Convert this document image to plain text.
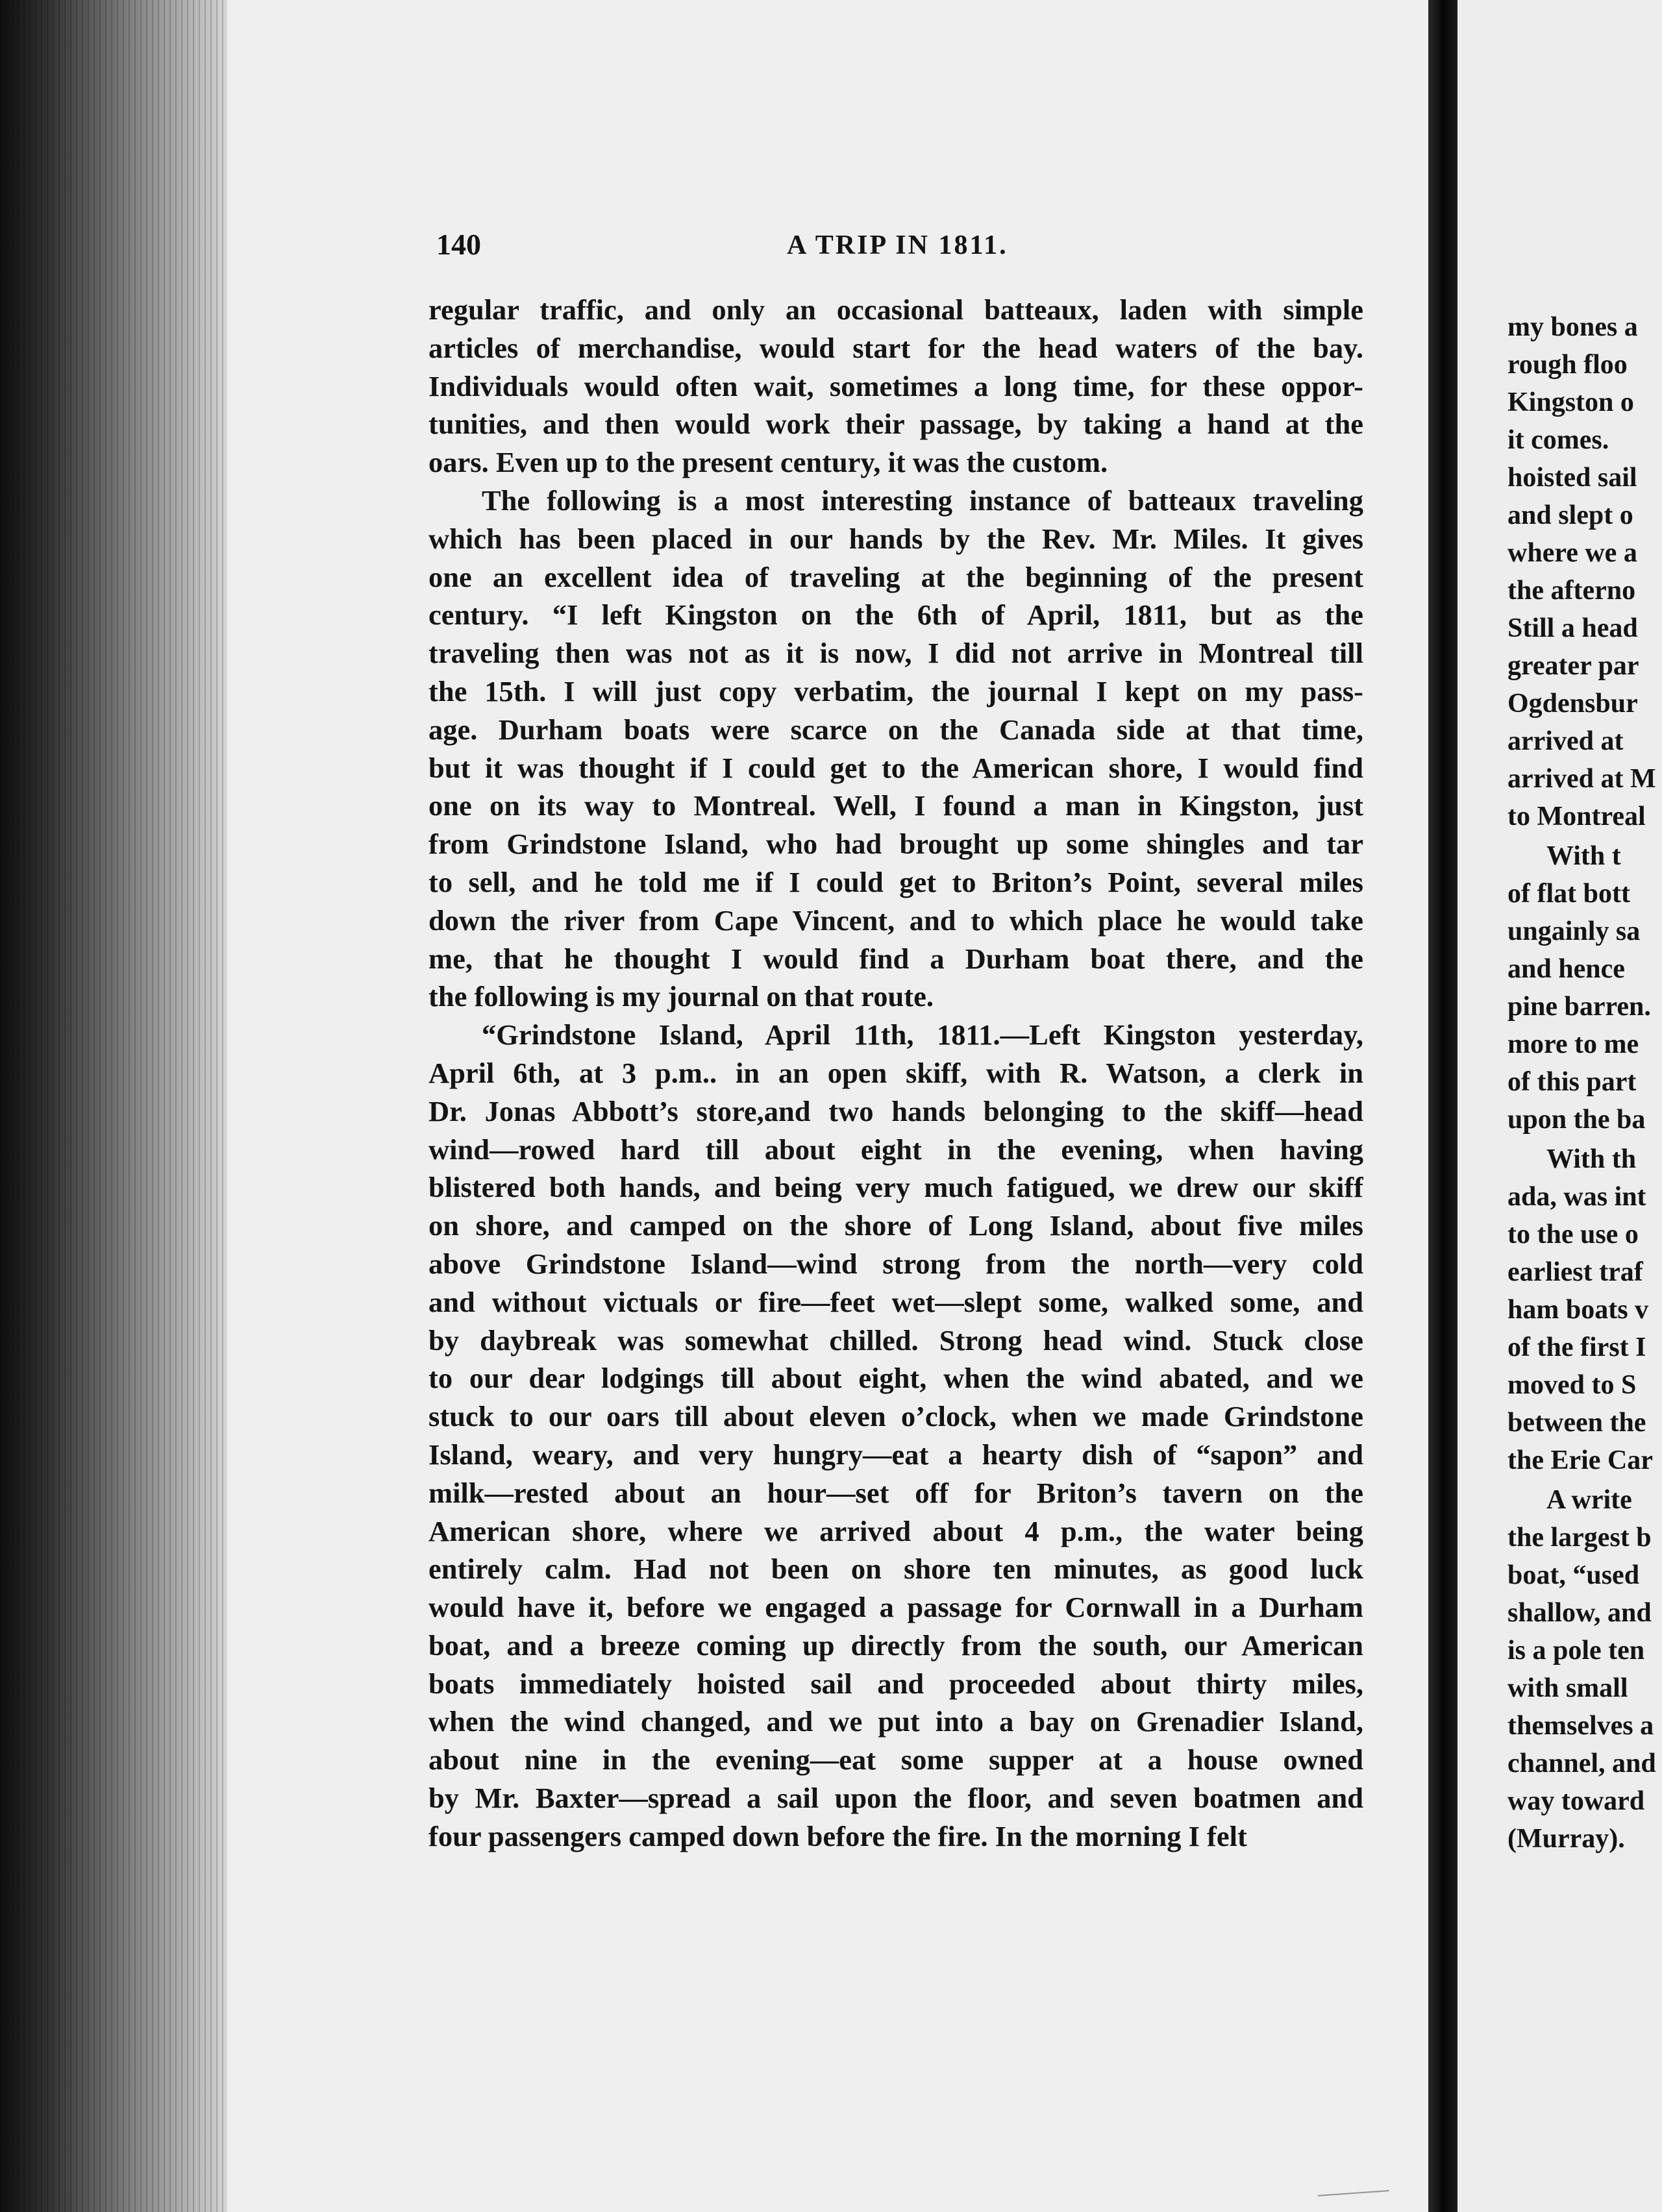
140	A TRIP IN 1811.
regular traffic, and only an occasional batteaux, laden with simple
articles of merchandise, would start for the head waters of the bay.
Individuals would often wait, sometimes a long time, for these oppor-
tunities, and then would work their passage, by taking a hand at the
oars. Even up to the present century, it was the custom.
The following is a most interesting instance of batteaux traveling
which has been placed in our hands by the Rev. Mr. Miles. It gives
one an excellent idea of traveling at the beginning of the present
century. “I left Kingston on the 6th of April, 1811, but as the
traveling then was not as it is now, I did not arrive in Montreal till
the 15th. I will just copy verbatim, the journal I kept on my pass-
age. Durham boats were scarce on the Canada side at that time,
but it was thought if I could get to the American shore, I would find
one on its way to Montreal. Well, I found a man in Kingston, just
from Grindstone Island, who had brought up some shingles and tar
to sell, and he told me if I could get to Briton’s Point, several miles
down the river from Cape Vincent, and to which place he would take
me, that he thought I would find a Durham boat there, and the
the following is my journal on that route.
“Grindstone Island, April 11th, 1811.—Left Kingston yesterday,
April 6th, at 3 p.m.. in an open skiff, with R. Watson, a clerk in
Dr. Jonas Abbott’s store,and two hands belonging to the skiff—head
wind—rowed hard till about eight in the evening, when having
blistered both hands, and being very much fatigued, we drew our skiff
on shore, and camped on the shore of Long Island, about five miles
above Grindstone Island—wind strong from the north—very cold
and without victuals or fire—feet wet—slept some, walked some, and
by daybreak was somewhat chilled. Strong head wind. Stuck close
to our dear lodgings till about eight, when the wind abated, and we
stuck to our oars till about eleven o’clock, when we made Grindstone
Island, weary, and very hungry—eat a hearty dish of “sapon” and
milk—rested about an hour—set off for Briton’s tavern on the
American shore, where we arrived about 4 p.m., the water being
entirely calm. Had not been on shore ten minutes, as good luck
would have it, before we engaged a passage for Cornwall in a Durham
boat, and a breeze coming up directly from the south, our American
boats immediately hoisted sail and proceeded about thirty miles,
when the wind changed, and we put into a bay on Grenadier Island,
about nine in the evening—eat some supper at a house owned
by Mr. Baxter—spread a sail upon the floor, and seven boatmen and
four passengers camped down before the fire. In the morning I felt
my bones a
rough floo
Kingston o
it comes.
hoisted sail
and slept o
where we a
the afterno
Still a head
greater par
Ogdensbur
arrived at
arrived at M
to Montreal
With t
of flat bott
ungainly sa
and hence
pine barren.
more to me
of this part
upon the ba
With th
ada, was int
to the use o
earliest traf
ham boats v
of the first I
moved to S
between the
the Erie Car
A write
the largest b
boat, “used
shallow, and
is a pole ten
with small
themselves a
channel, and
way toward
(Murray).
